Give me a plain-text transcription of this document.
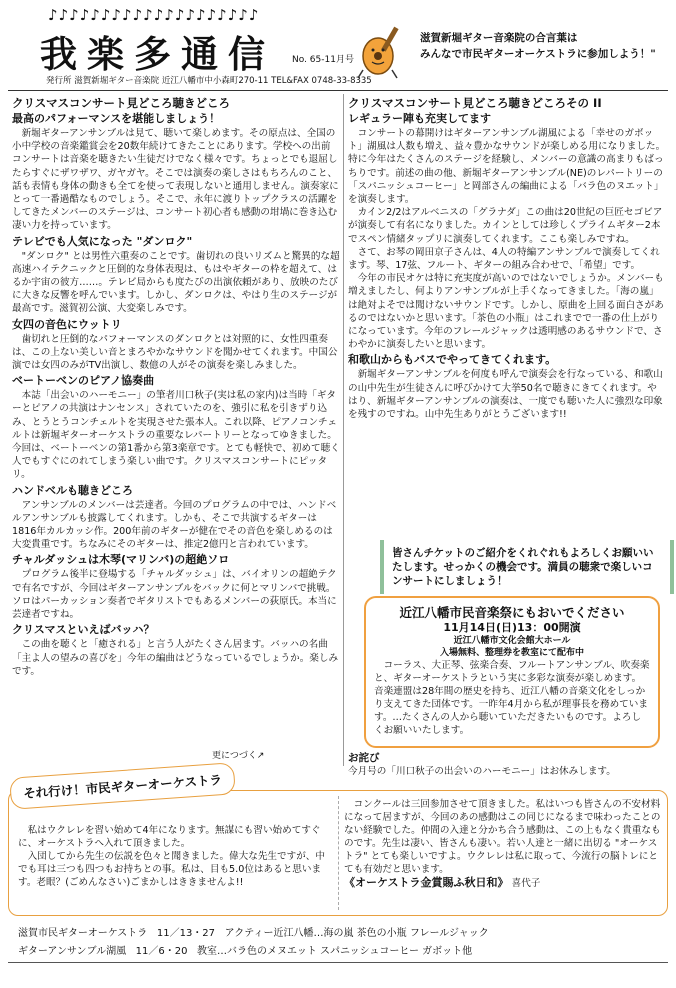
♪♪♪♪♪♪♪♪♪♪♪♪♪♪♪♪♪♪♪♪
我楽多通信 No. 65-11月号
発行所 滋賀新堀ギター音楽院 近江八幡市中小森町270-11 TEL&FAX 0748-33-8335
滋賀新堀ギター音楽院の合言葉は
みんなで市民ギターオーケストラに参加しよう！"
クリスマスコンサート見どころ聴きどころ
最高のパフォーマンスを堪能しましょう！

新堀ギターアンサンブルは見て、聴いて楽しめます。その原点は、全国の小中学校の音楽鑑賞会を20数年続けてきたことにあります。学校への出前コンサートは音楽を聴きたい生徒だけでなく様々です。ちょっとでも退屈したらすぐにザワザワ、ガヤガヤ。そこでは演奏の楽しさはもちろんのこと、話も表情も身体の動きも全てを使って表現しないと通用しません。演奏家にとって一番過酷なものでしょう。そこで、永年に渡りトップクラスの活躍をしてきたメンバーのステージは、コンサート初心者も感動の坩堝に巻き込む凄い力を持っています。

テレビでも人気になった "ダンロク"

"ダンロク" とは男性六重奏のことです。歯切れの良いリズムと驚異的な超高速ハイテクニックと圧倒的な身体表現は、もはやギターの枠を超えて、はるか宇宙の彼方……。テレビ局からも度たびの出演依頼があり、放映のたびに大きな反響を呼んでいます。しかし、ダンロクは、やはり生のステージが最高です。滋賀初公演、大変楽しみです。

女四の音色にウットリ

歯切れと圧倒的なパフォーマンスのダンロクとは対照的に、女性四重奏は、この上ない美しい音とまろやかなサウンドを聞かせてくれます。中国公演では女四のみがTV出演し、数億の人がその演奏を楽しみました。

ベートーベンのピアノ協奏曲

本誌「出会いのハーモニー」の筆者川口秋子(実は私の家内)は当時「ギターとピアノの共演はナンセンス」されていたのを、強引に私を引きずり込み、とうとうコンチェルトを実現させた張本人。これ以降、ピアノコンチェルトは新堀ギターオーケストラの重要なレパートリーとなってゆきました。今回は、ベートーベンの第1番から第3楽章です。とても軽快で、初めて聴く人でもすぐにのれてしまう楽しい曲です。クリスマスコンサートにピッタリ。

ハンドベルも聴きどころ

アンサンブルのメンバーは芸達者。今回のプログラムの中では、ハンドベルアンサンブルも披露してくれます。しかも、そこで共演するギターは1816年カルカッシ作。200年前のギターが健在でその音色を楽しめるのは大変貴重です。ちなみにそのギターは、推定2億円と言われています。

チャルダッシュは木琴(マリンバ)の超絶ソロ

プログラム後半に登場する「チャルダッシュ」は、バイオリンの超絶テクで有名ですが、今回はギターアンサンブルをバックに何とマリンバで挑戦。ソロはパーカッション奏者でギタリストでもあるメンバーの荻原氏。本当に芸達者ですね。

クリスマスといえばバッハ？

この曲を聴くと「癒される」と言う人がたくさん居ます。バッハの名曲「主よ人の望みの喜びを」今年の編曲はどうなっているでしょうか。楽しみです。

更につづく↗
クリスマスコンサート見どころ聴きどころその II
レギュラー陣も充実してます

コンサートの幕開けはギターアンサンブル湖風による「幸せのガボット」湖風は人数も増え、益々豊かなサウンドが楽しめる用になりました。特に今年はたくさんのステージを経験し、メンバーの意識の高まりもばっちりです。前述の曲の他、新堀ギターアンサンブル(NE)のレパートリーの「スパニッシュコーヒー」と岡部さんの編曲による「バラ色のヌエット」を演奏します。

カイン2/2はアルベニスの「グラナダ」この曲は20世紀の巨匠セゴビアが演奏して有名になりました。カインとしては珍しくプライムギター2本でスペン情緒タップリに演奏してくれます。ここも楽しみですね。

さて、お琴の岡田京子さんは、4人の特編アンサンブルで演奏してくれます。琴、17弦、フルート、ギターの組み合わせで、「希望」です。

今年の市民オケは特に充実度が高いのではないでしょうか。メンバーも増えましたし、何よりアンサンブルが上手くなってきました。「海の嵐」は絶対よそでは聞けないサウンドです。しかし、原曲を上回る面白さがあるのではないかと思います。「茶色の小瓶」はこれまでで一番の仕上がりになっています。今年のフレールジャックは透明感のあるサウンドで、さわやかに演奏したいと思います。

和歌山からもバスでやってきてくれます。

新堀ギターアンサンブルを何度も呼んで演奏会を行なっている、和歌山の山中先生が生徒さんに呼びかけて大挙50名で聴きにきてくれます。やはり、新堀ギターアンサンブルの演奏は、一度でも聴いた人に強烈な印象を残すのですね。山中先生ありがとうございます!!

皆さんチケットのご紹介をくれぐれもよろしくお願いいたします。せっかくの機会です。満員の聴衆で楽しいコンサートにしましょう！
近江八幡市民音楽祭にもおいでください
11月14日(日)13：00開演
近江八幡市文化会館大ホール
入場無料、整理券を教室にて配布中

コーラス、大正琴、弦楽合奏、フルートアンサンブル、吹奏楽と、ギターオーケストラという実に多彩な演奏が楽しめます。音楽連盟は28年間の歴史を持ち、近江八幡の音楽文化をしっかり支えてきた団体です。一昨年4月から私が理事長を務めています。…たくさんの人から聴いていただきたいものです。よろしくお願いいたします。

お詫び
今月号の「川口秋子の出会いのハーモニー」はお休みします。
それ行け！市民ギターオーケストラ

私はウクレレを習い始めて4年になります。無謀にも習い始めてすぐに、オーケストラへ入れて頂きました。

入団してから先生の伝説を色々と聞きました。偉大な先生ですが、中でも耳は三つも四つもお持ちとの事。私は、目も5.0位はあると思います。老眼？(ごめんなさい)ごまかしはききませんよ!!

コンクールは三回参加させて頂きました。私はいつも皆さんの不安材料になって居ますが、今回のあの感動はこの同じになるまで味わったことのない経験でした。仲間の入達と分かち合う感動は、この上もなく貴重なものです。先生は凄い、皆さんも凄い。若い人達と一緒に出切る "オーケストラ" とても楽しいですよ。ウクレレは私に取って、今流行の脳トレにとても有効だと思います。

《オーケストラ金賞賜ふ秋日和》 喜代子
滋賀市民ギターオーケストラ 11／13・27 アクティー近江八幡…海の嵐 茶色の小瓶 フレールジャック
ギターアンサンブル湖風 11／6・20 教室…バラ色のメヌエット スパニッシュコーヒー ガボット他
